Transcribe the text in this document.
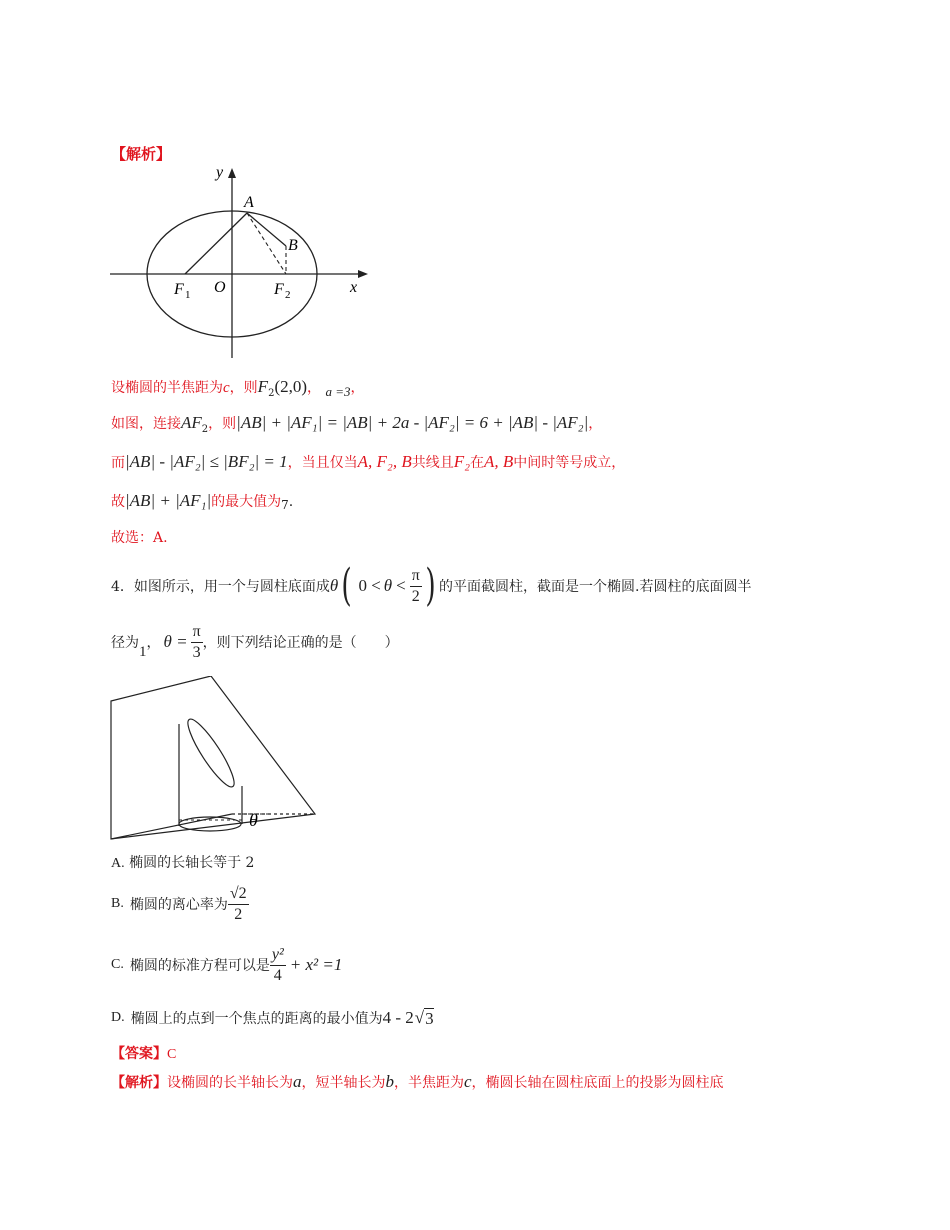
【解析】
y
x
A
B
O
F 1	F 2
设椭圆的半焦距为c，则$F_2(2,0)$， a =3，
如图，连接$AF_2$，则|AB| + |AF₁| = |AB| + 2a - |AF₂| = 6 + |AB| - |AF₂|，
而|AB| - |AF₂| ≤ |BF₂| = 1，当且仅当A, F₂, B共线且F₂在A, B中间时等号成立，
故|AB| + |AF₁|的最大值为7.
故选：A.
4．如图所示，用一个与圆柱底面成 θ ( $0 < \theta < \frac{\pi}{2}$ ) 的平面截圆柱，截面是一个椭圆.若圆柱的底面圆半
径为
1
， $\theta = \frac{\pi}{3}$ ，则下列结论正确的是（　　）
θ
A. 椭圆的长轴长等于 2
B. 椭圆的离心率为 $\frac{√2}{2}$
C. 椭圆的标准方程可以是 $\frac{\text{y²}}{4} + x^2 =1$
D. 椭圆上的点到一个焦点的距离的最小值为 4 - 2 √ 3
【答案】C
【解析】设椭圆的长半轴长为a，短半轴长为b，半焦距为c，椭圆长轴在圆柱底面上的投影为圆柱底
